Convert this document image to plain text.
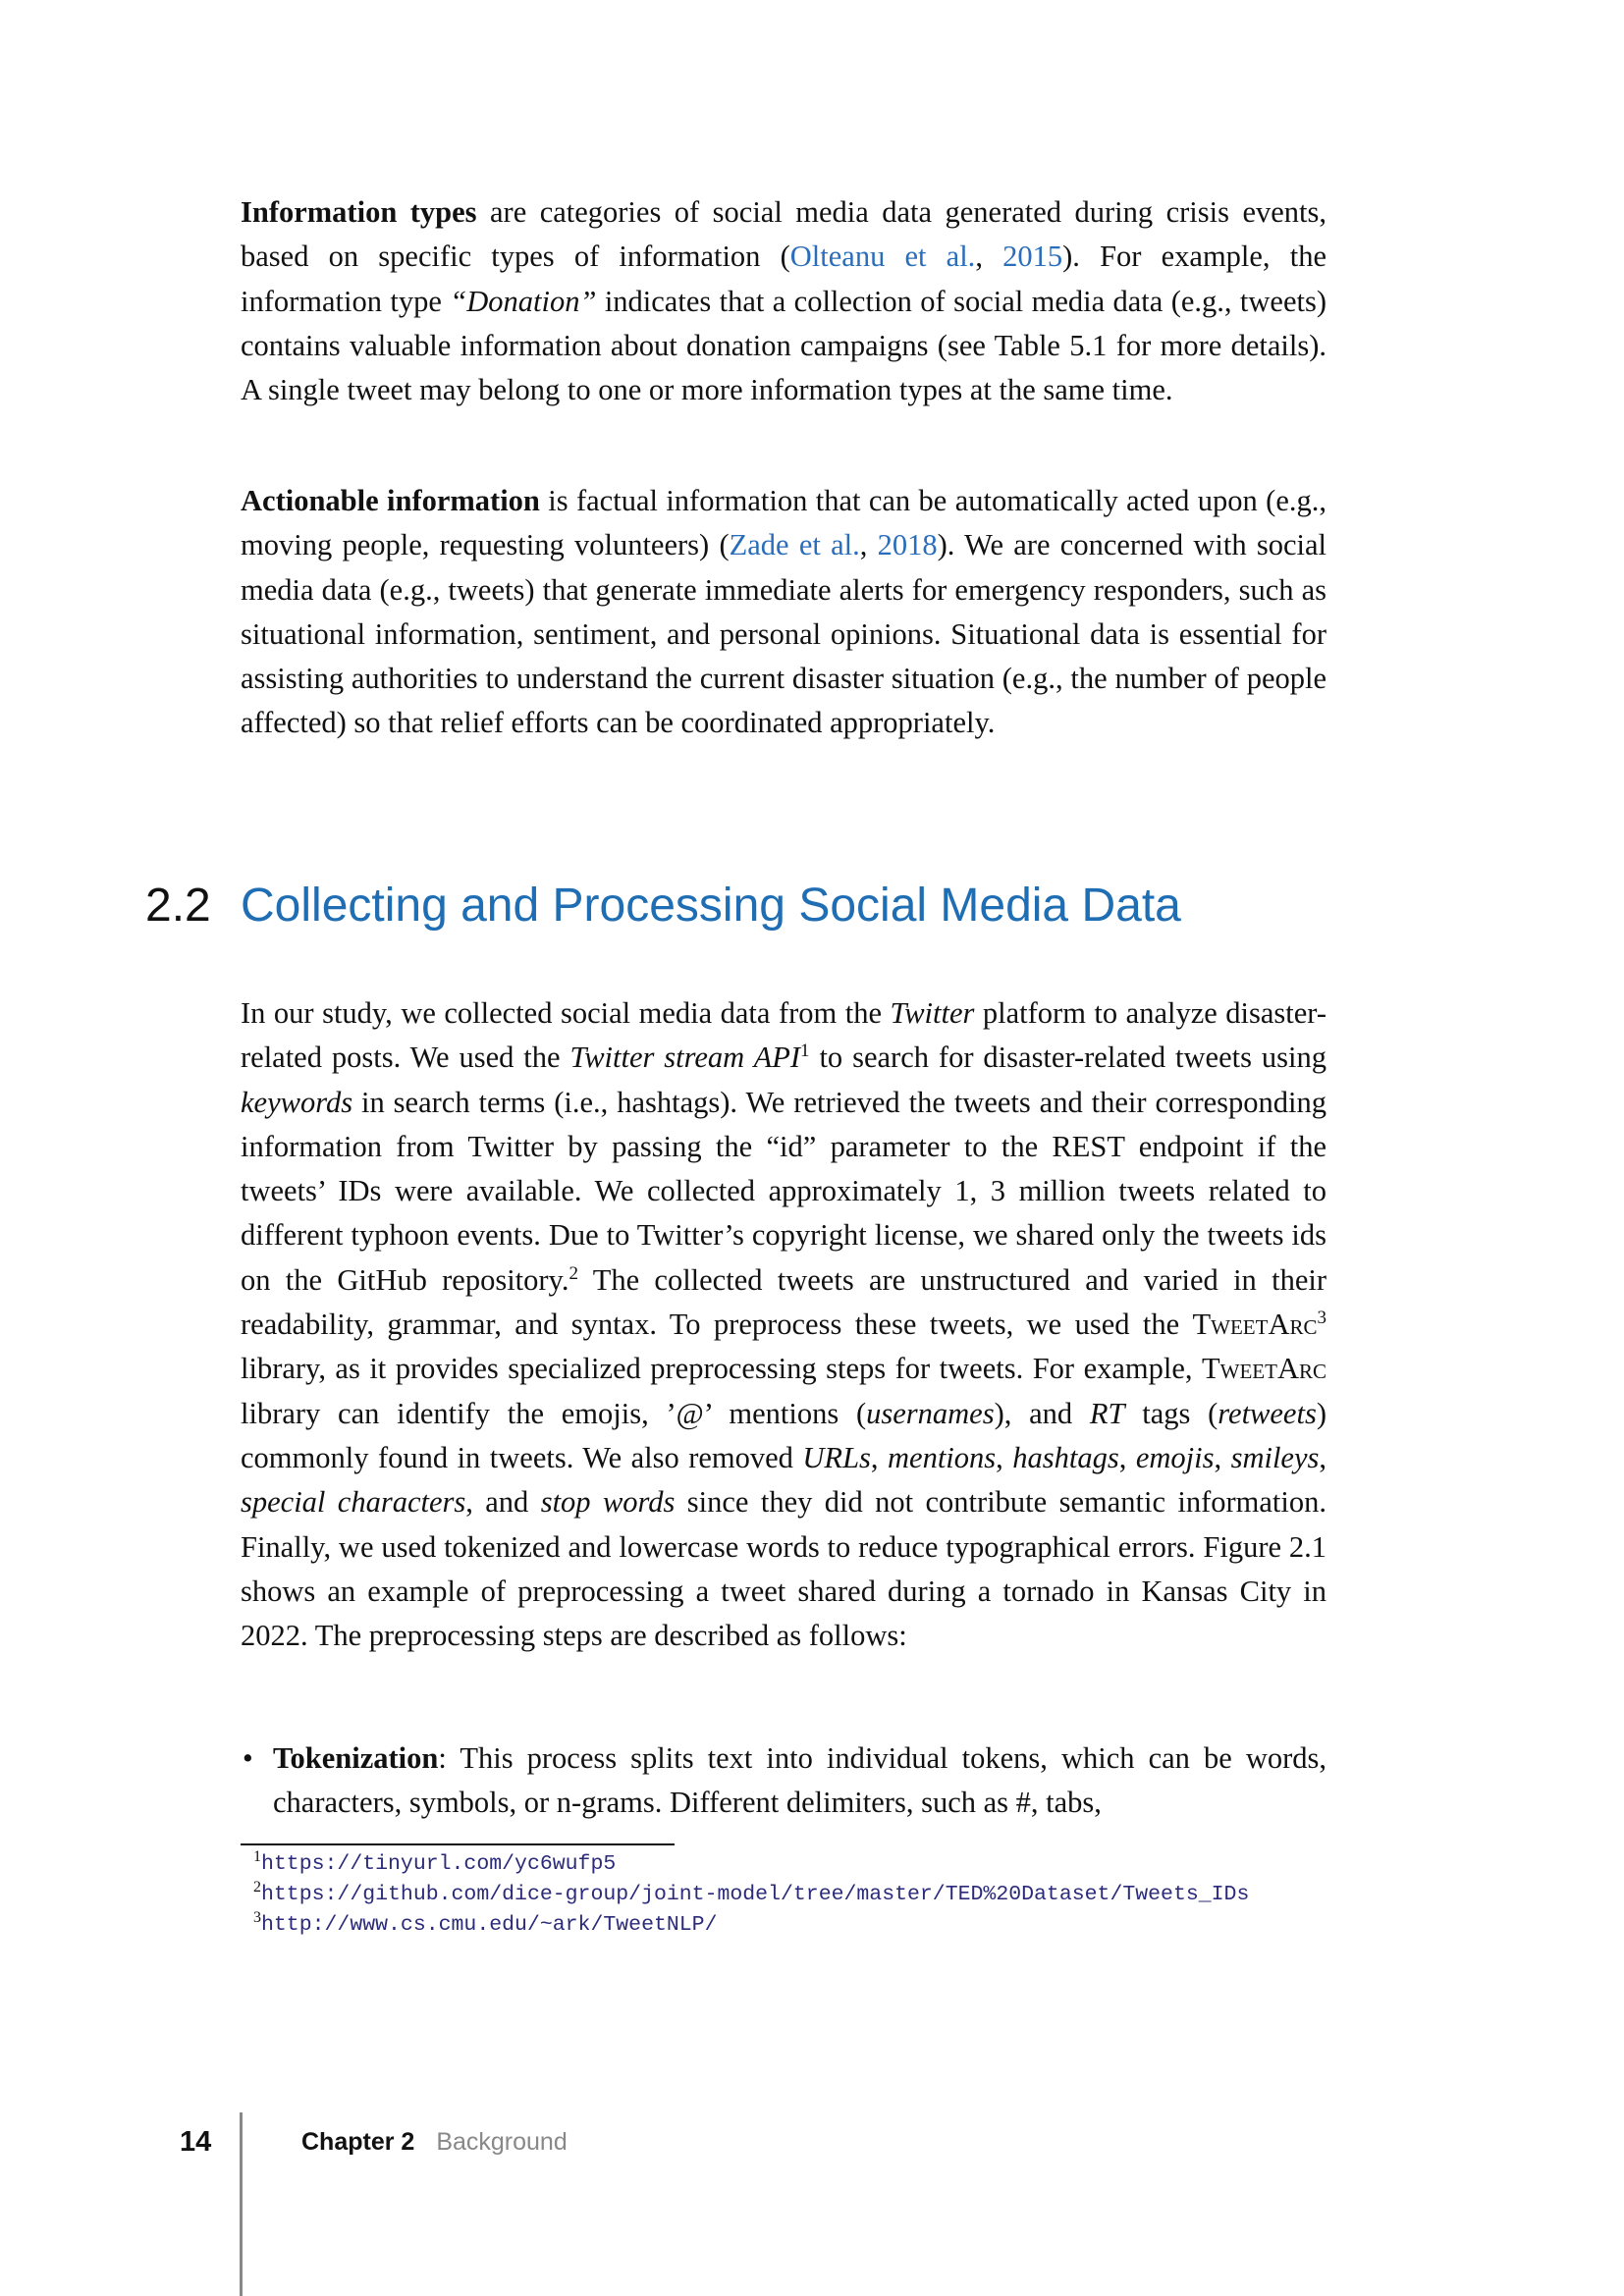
Information types are categories of social media data generated during crisis events, based on specific types of information (Olteanu et al., 2015). For example, the information type “Donation” indicates that a collection of social media data (e.g., tweets) contains valuable information about donation campaigns (see Table 5.1 for more details). A single tweet may belong to one or more information types at the same time.
Actionable information is factual information that can be automatically acted upon (e.g., moving people, requesting volunteers) (Zade et al., 2018). We are concerned with social media data (e.g., tweets) that generate immediate alerts for emergency responders, such as situational information, sentiment, and personal opinions. Situational data is essential for assisting authorities to understand the current disaster situation (e.g., the number of people affected) so that relief efforts can be coordinated appropriately.
2.2 Collecting and Processing Social Media Data
In our study, we collected social media data from the Twitter platform to analyze disaster-related posts. We used the Twitter stream API$^1$ to search for disaster-related tweets using keywords in search terms (i.e., hashtags). We retrieved the tweets and their corresponding information from Twitter by passing the “id” parameter to the REST endpoint if the tweets’ IDs were available. We collected approximately 1, 3 million tweets related to different typhoon events. Due to Twitter’s copyright license, we shared only the tweets ids on the GitHub repository.$^2$ The collected tweets are unstructured and varied in their readability, grammar, and syntax. To preprocess these tweets, we used the TweetArc$^3$ library, as it provides specialized preprocessing steps for tweets. For example, TweetArc library can identify the emojis, ’@’ mentions (usernames), and RT tags (retweets) commonly found in tweets. We also removed URLs, mentions, hashtags, emojis, smileys, special characters, and stop words since they did not contribute semantic information. Finally, we used tokenized and lowercase words to reduce typographical errors. Figure 2.1 shows an example of preprocessing a tweet shared during a tornado in Kansas City in 2022. The preprocessing steps are described as follows:
• Tokenization: This process splits text into individual tokens, which can be words, characters, symbols, or n-grams. Different delimiters, such as #, tabs,
$^1$https://tinyurl.com/yc6wufp5
$^2$https://github.com/dice-group/joint-model/tree/master/TED%20Dataset/Tweets_IDs
$^3$http://www.cs.cmu.edu/~ark/TweetNLP/
14	Chapter 2 Background
